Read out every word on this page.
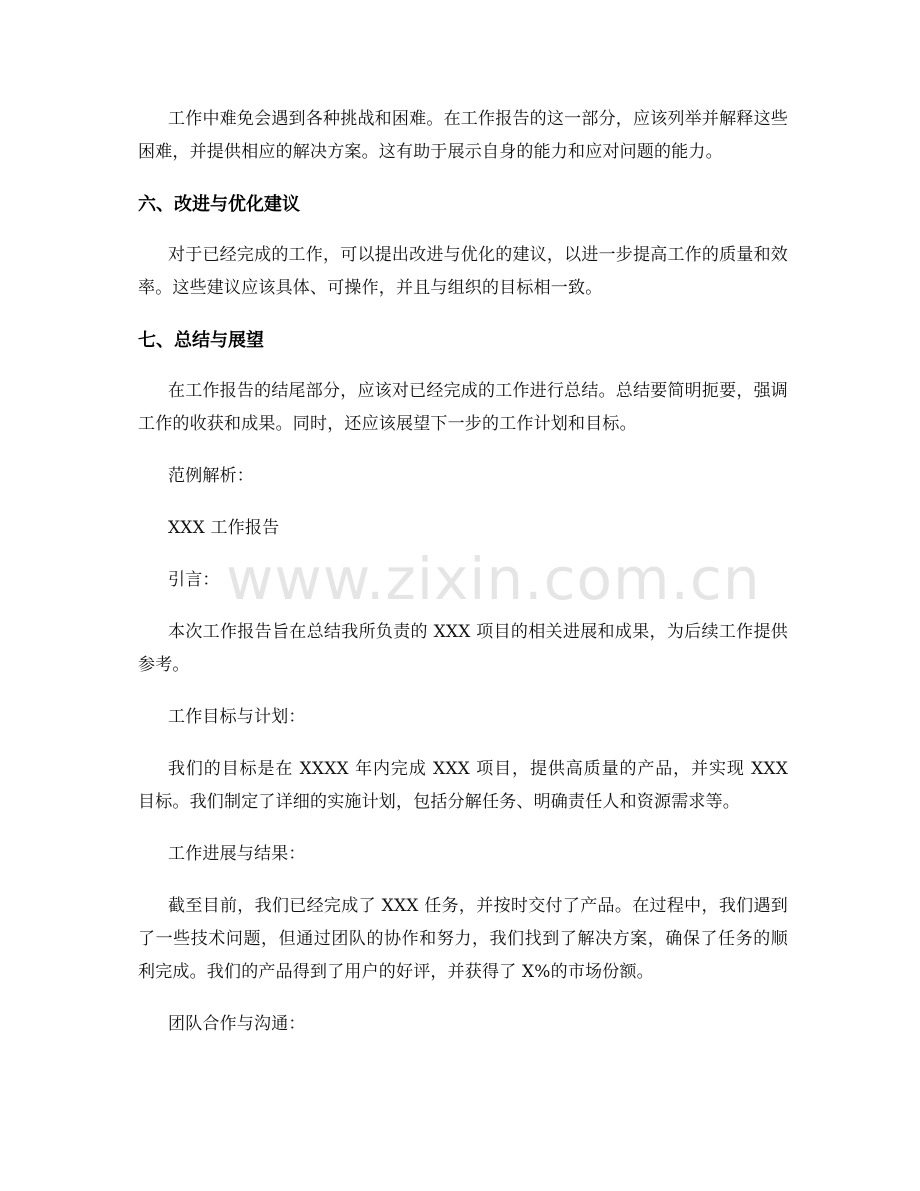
工作中难免会遇到各种挑战和困难。在工作报告的这一部分，应该列举并解释这些困难，并提供相应的解决方案。这有助于展示自身的能力和应对问题的能力。

六、改进与优化建议

对于已经完成的工作，可以提出改进与优化的建议，以进一步提高工作的质量和效率。这些建议应该具体、可操作，并且与组织的目标相一致。

七、总结与展望

在工作报告的结尾部分，应该对已经完成的工作进行总结。总结要简明扼要，强调工作的收获和成果。同时，还应该展望下一步的工作计划和目标。

范例解析：

XXX 工作报告

引言：

本次工作报告旨在总结我所负责的 XXX 项目的相关进展和成果，为后续工作提供参考。

工作目标与计划：

我们的目标是在 XXXX 年内完成 XXX 项目，提供高质量的产品，并实现 XXX 目标。我们制定了详细的实施计划，包括分解任务、明确责任人和资源需求等。

工作进展与结果：

截至目前，我们已经完成了 XXX 任务，并按时交付了产品。在过程中，我们遇到了一些技术问题，但通过团队的协作和努力，我们找到了解决方案，确保了任务的顺利完成。我们的产品得到了用户的好评，并获得了 X%的市场份额。

团队合作与沟通：

www.zixin.com.cn
